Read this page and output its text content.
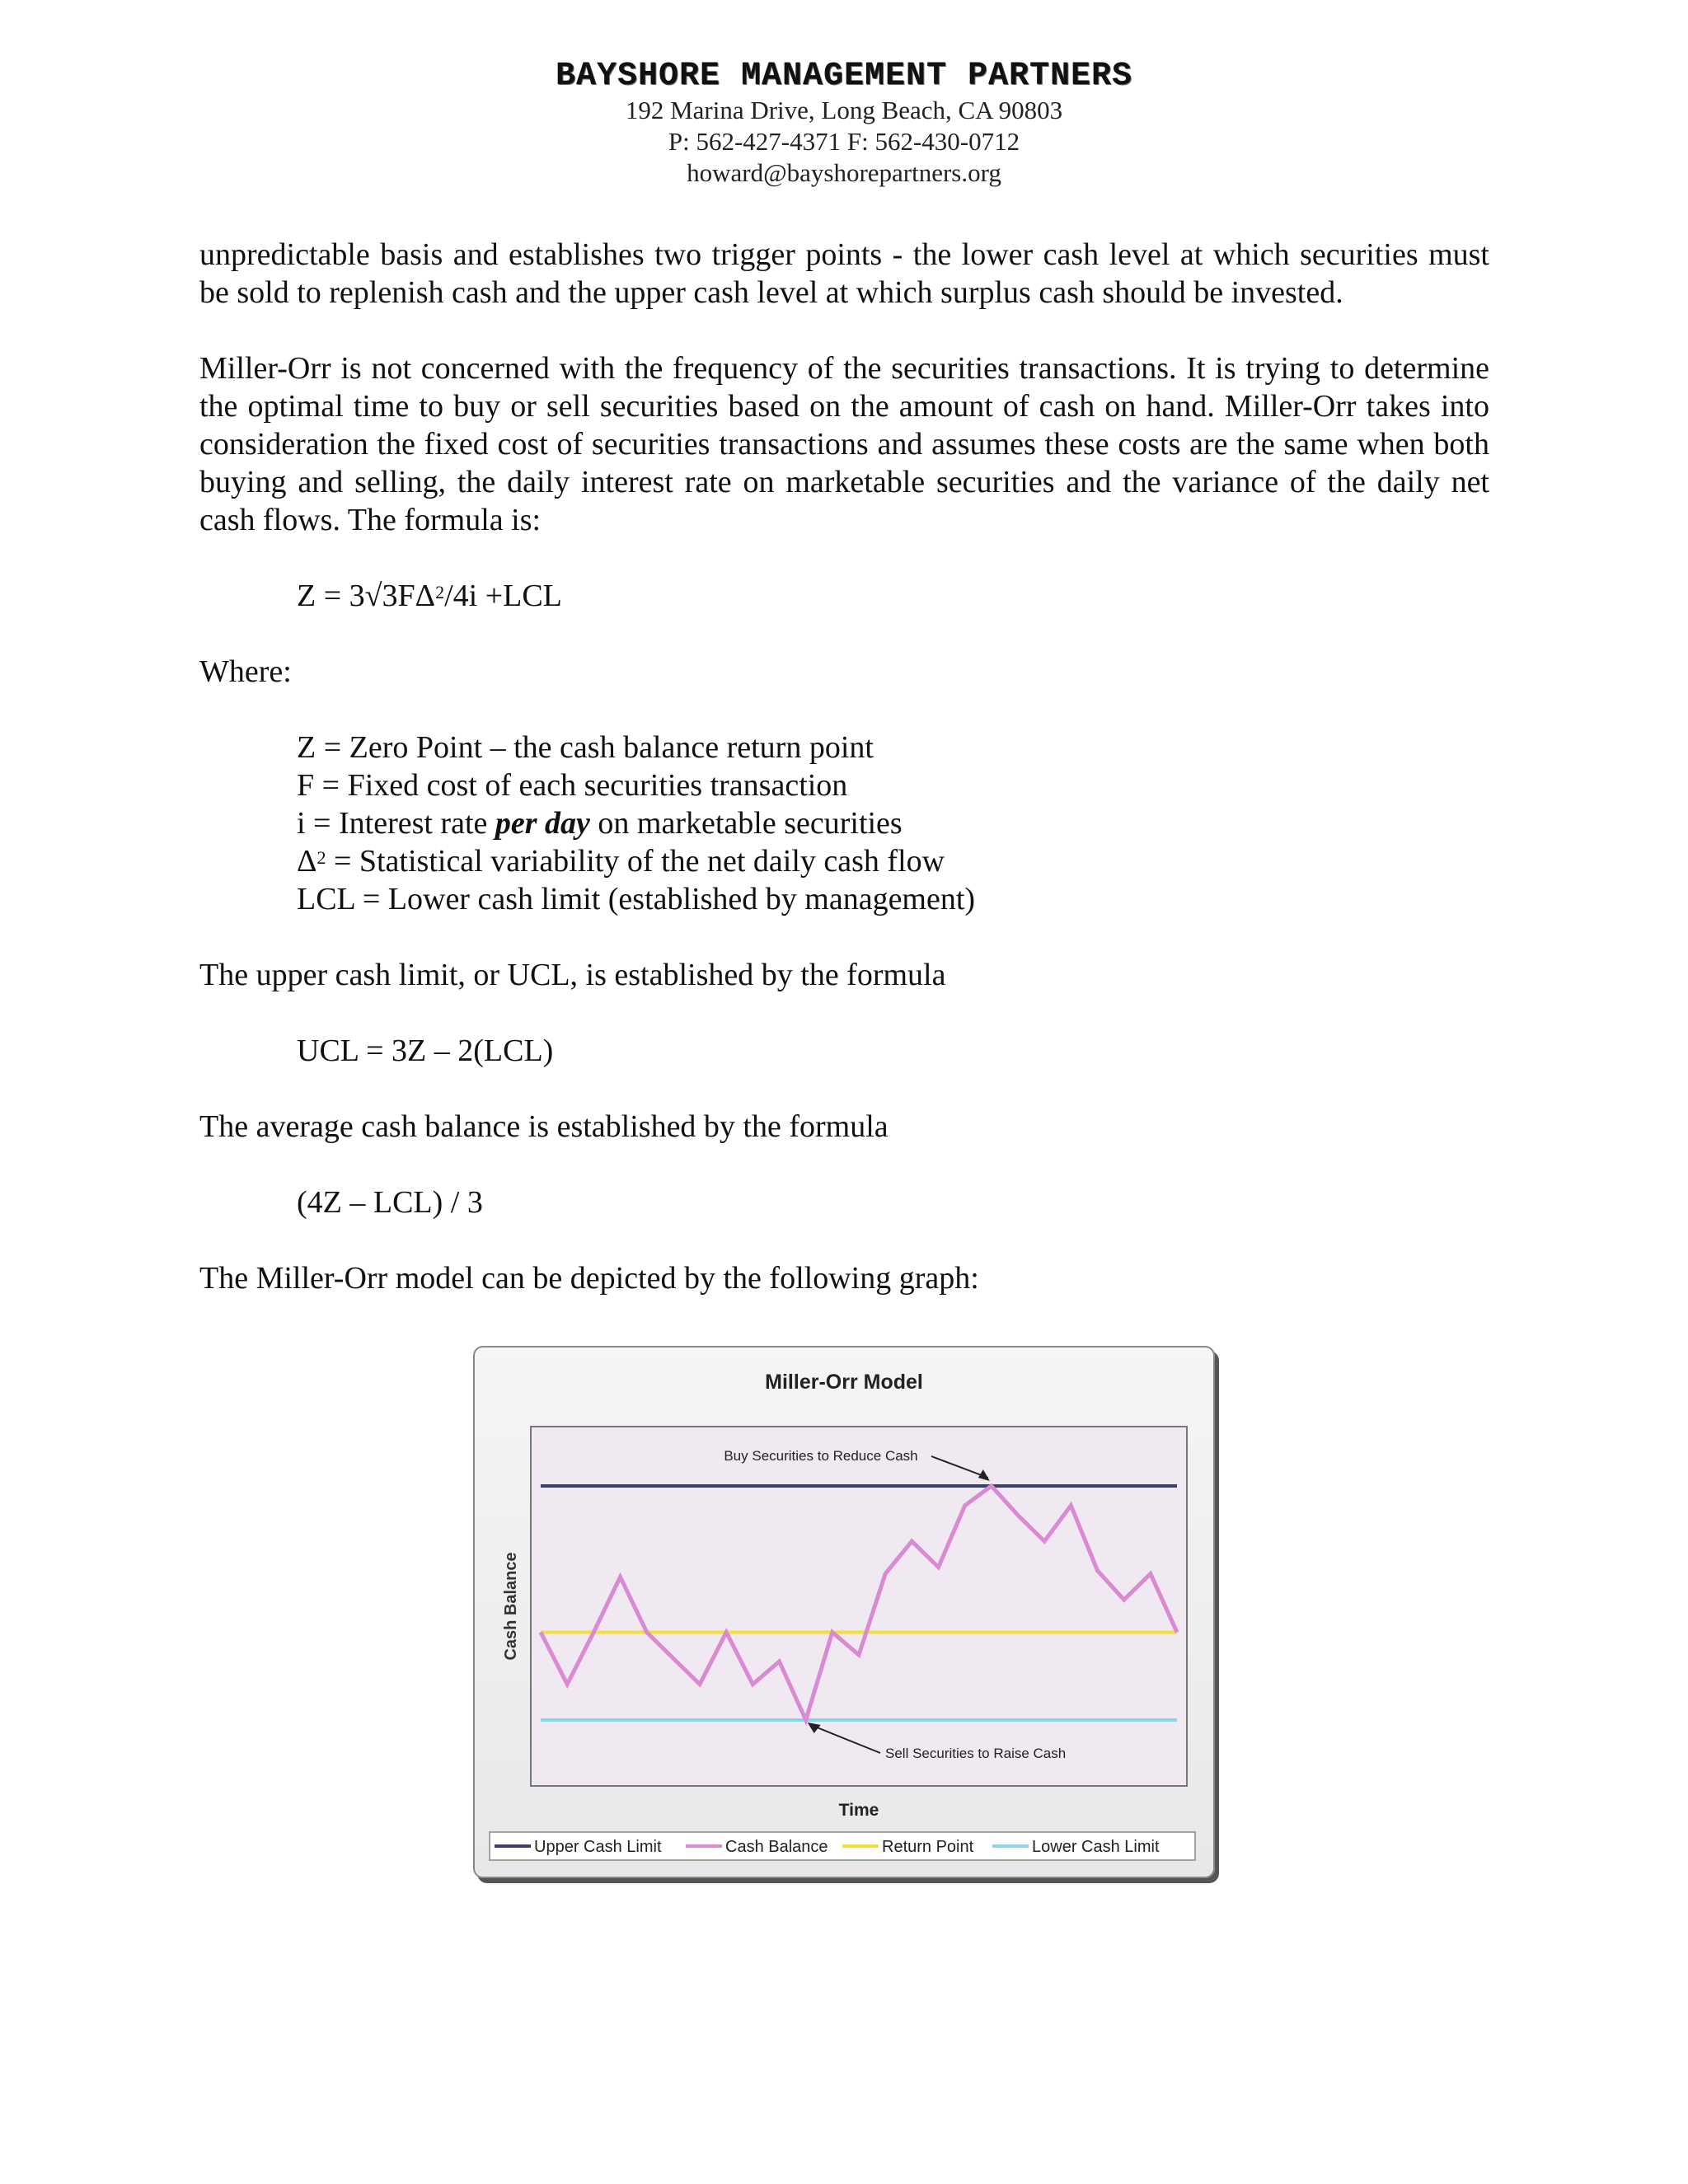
BAYSHORE MANAGEMENT PARTNERS
192 Marina Drive, Long Beach, CA 90803
P: 562-427-4371 F: 562-430-0712
howard@bayshorepartners.org

unpredictable basis and establishes two trigger points - the lower cash level at which securities must be sold to replenish cash and the upper cash level at which surplus cash should be invested.

Miller-Orr is not concerned with the frequency of the securities transactions. It is trying to determine the optimal time to buy or sell securities based on the amount of cash on hand. Miller-Orr takes into consideration the fixed cost of securities transactions and assumes these costs are the same when both buying and selling, the daily interest rate on marketable securities and the variance of the daily net cash flows. The formula is:

$Z = 3√3F\Delta^2/4i +LCL$

Where:

Z = Zero Point – the cash balance return point
F = Fixed cost of each securities transaction
i = Interest rate per day on marketable securities
$\Delta^2$ = Statistical variability of the net daily cash flow
LCL = Lower cash limit (established by management)

The upper cash limit, or UCL, is established by the formula

UCL = 3Z – 2(LCL)

The average cash balance is established by the formula

(4Z – LCL) / 3

The Miller-Orr model can be depicted by the following graph:

Miller-Orr Model
Buy Securities to Reduce Cash
Sell Securities to Raise Cash
Time
Cash Balance
Upper Cash Limit	Cash Balance	Return Point	Lower Cash Limit
